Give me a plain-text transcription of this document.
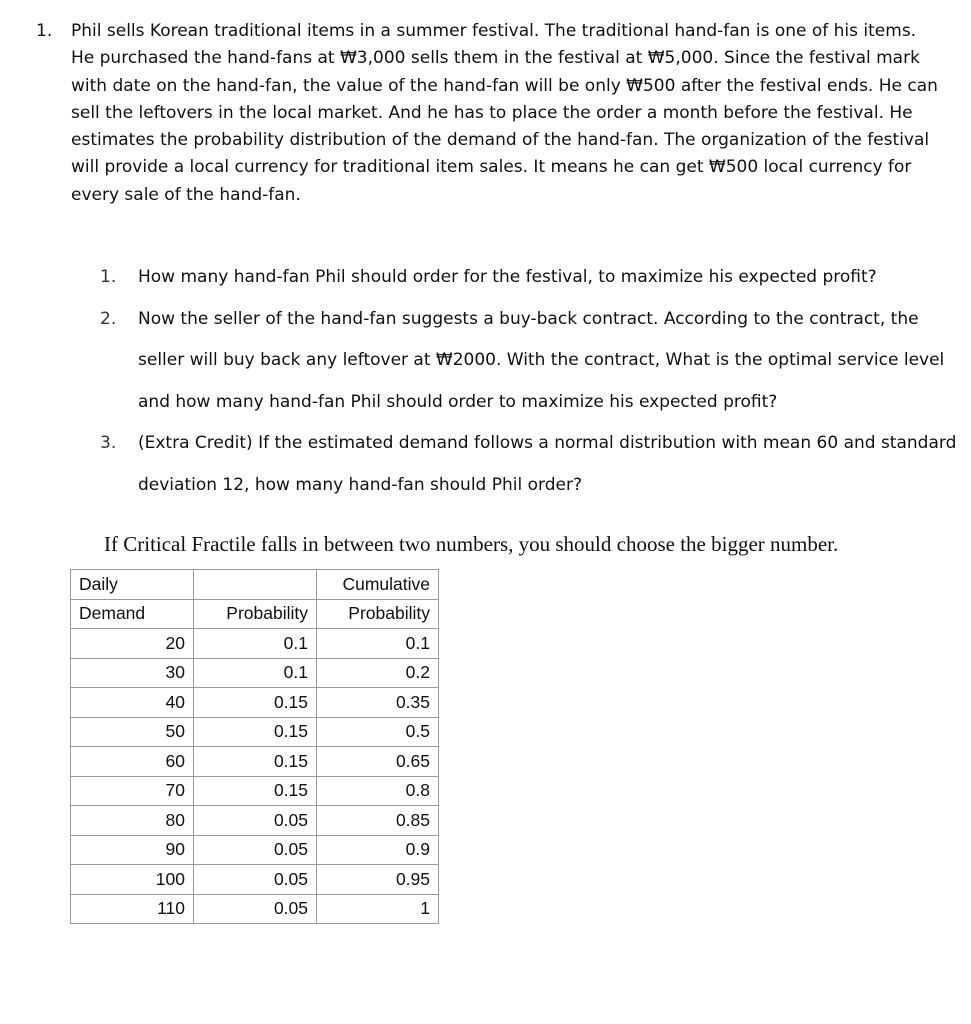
1. Phil sells Korean traditional items in a summer festival. The traditional hand-fan is one of his items. He purchased the hand-fans at ₩3,000 sells them in the festival at ₩5,000. Since the festival mark with date on the hand-fan, the value of the hand-fan will be only ₩500 after the festival ends. He can sell the leftovers in the local market. And he has to place the order a month before the festival. He estimates the probability distribution of the demand of the hand-fan. The organization of the festival will provide a local currency for traditional item sales. It means he can get ₩500 local currency for every sale of the hand-fan.
1. How many hand-fan Phil should order for the festival, to maximize his expected profit?
2. Now the seller of the hand-fan suggests a buy-back contract. According to the contract, the seller will buy back any leftover at ₩2000. With the contract, What is the optimal service level and how many hand-fan Phil should order to maximize his expected profit?
3. (Extra Credit) If the estimated demand follows a normal distribution with mean 60 and standard deviation 12, how many hand-fan should Phil order?
If Critical Fractile falls in between two numbers, you should choose the bigger number.
Daily		Cumulative
Demand	Probability	Probability
20	0.1	0.1
30	0.1	0.2
40	0.15	0.35
50	0.15	0.5
60	0.15	0.65
70	0.15	0.8
80	0.05	0.85
90	0.05	0.9
100	0.05	0.95
110	0.05	1
